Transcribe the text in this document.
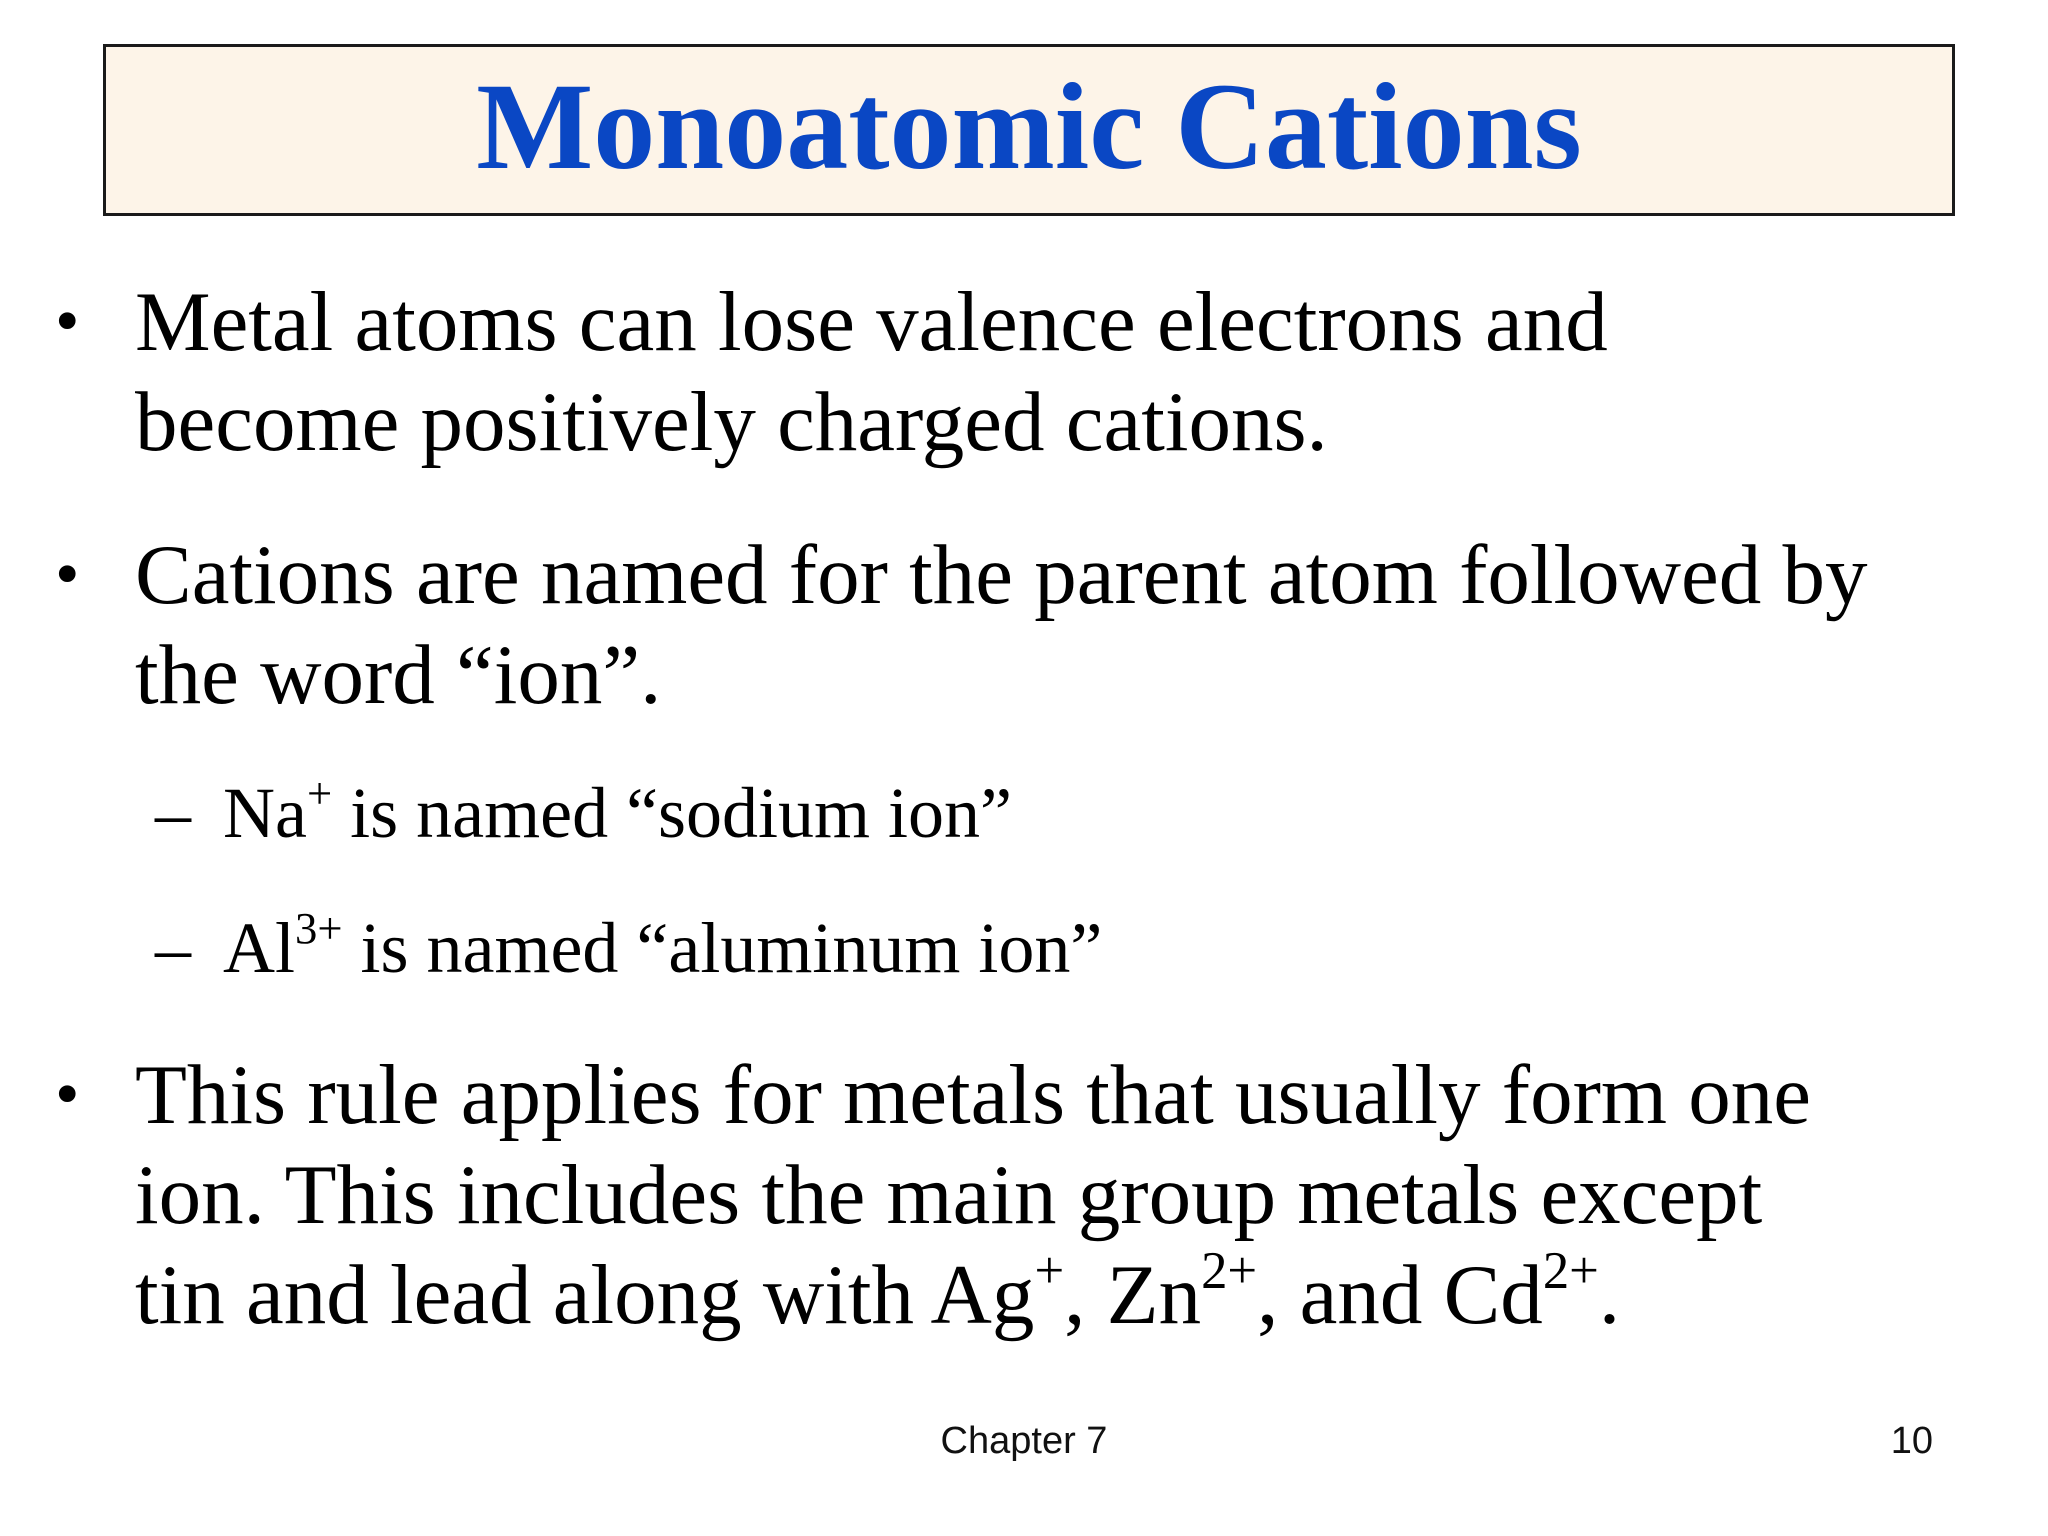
Monoatomic Cations
• Metal atoms can lose valence electrons and
become positively charged cations.
• Cations are named for the parent atom followed by
the word “ion”.
– Na+ is named “sodium ion”
– $Al^{3+}$ is named “aluminum ion”
• This rule applies for metals that usually form one
ion. This includes the main group metals except
tin and lead along with Ag+, $Zn^{2+}$, and $Cd^{2+}$.
Chapter 7	10
